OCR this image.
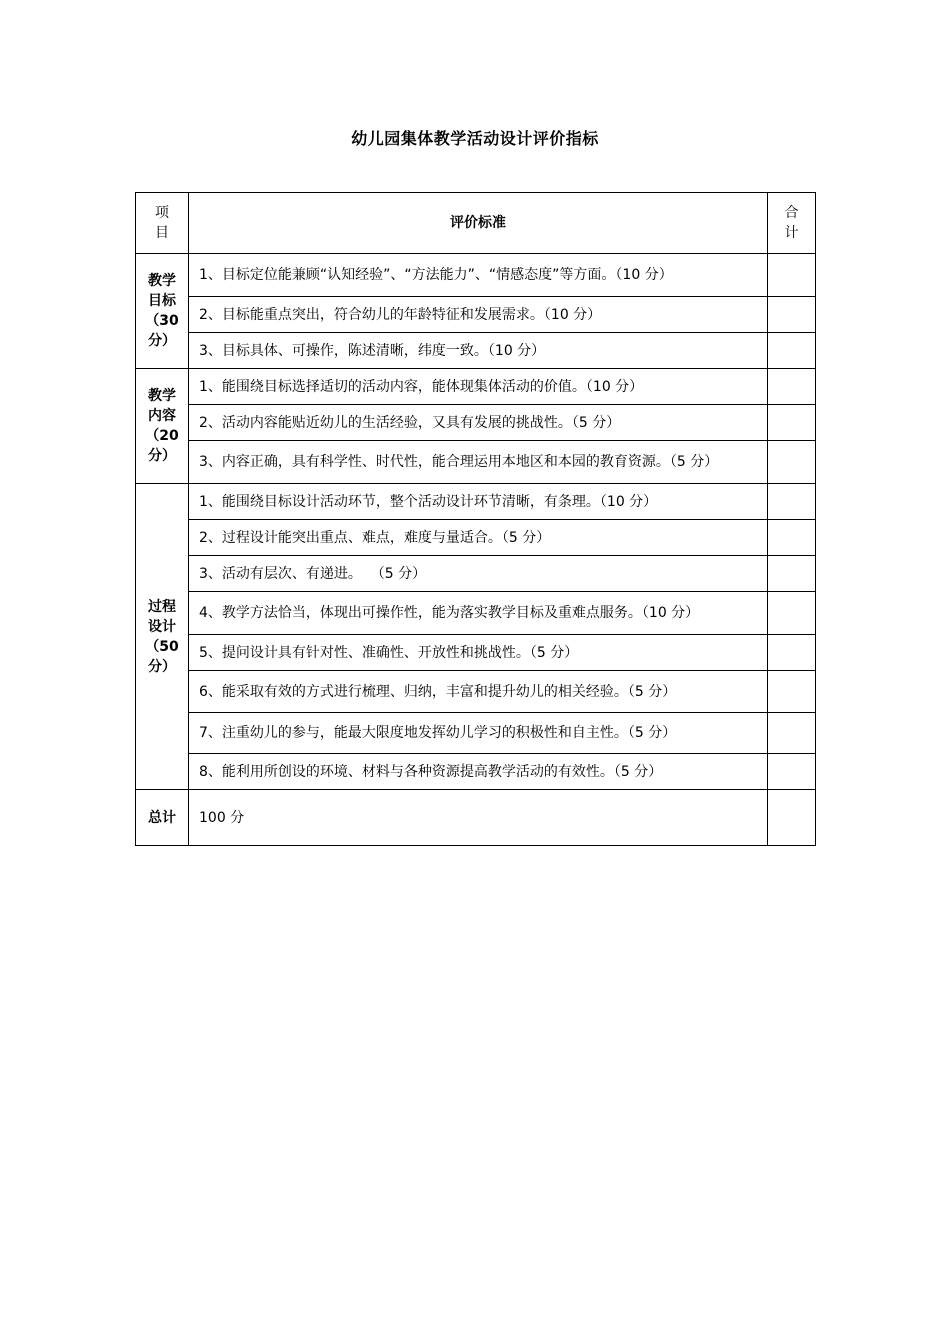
幼儿园集体教学活动设计评价指标
项目	评价标准	合计
教学目标（30分）	1、目标定位能兼顾“认知经验”、“方法能力”、“情感态度”等方面。（10 分）	

	2、目标能重点突出，符合幼儿的年龄特征和发展需求。（10 分）	

	3、目标具体、可操作，陈述清晰，纬度一致。（10 分）	

教学内容（20分）	1、能围绕目标选择适切的活动内容，能体现集体活动的价值。（10 分）	

	2、活动内容能贴近幼儿的生活经验，又具有发展的挑战性。（5 分）	

	3、内容正确，具有科学性、时代性，能合理运用本地区和本园的教育资源。（5 分）	

过程设计（50分）	1、能围绕目标设计活动环节，整个活动设计环节清晰，有条理。（10 分）	

	2、过程设计能突出重点、难点，难度与量适合。（5 分）	

	3、活动有层次、有递进。  （5 分）	

	4、教学方法恰当，体现出可操作性，能为落实教学目标及重难点服务。（10 分）	

	5、提问设计具有针对性、准确性、开放性和挑战性。（5 分）	

	6、能采取有效的方式进行梳理、归纳，丰富和提升幼儿的相关经验。（5 分）	

	7、注重幼儿的参与，能最大限度地发挥幼儿学习的积极性和自主性。（5 分）	

	8、能利用所创设的环境、材料与各种资源提高教学活动的有效性。（5 分）	

总计	100 分	
